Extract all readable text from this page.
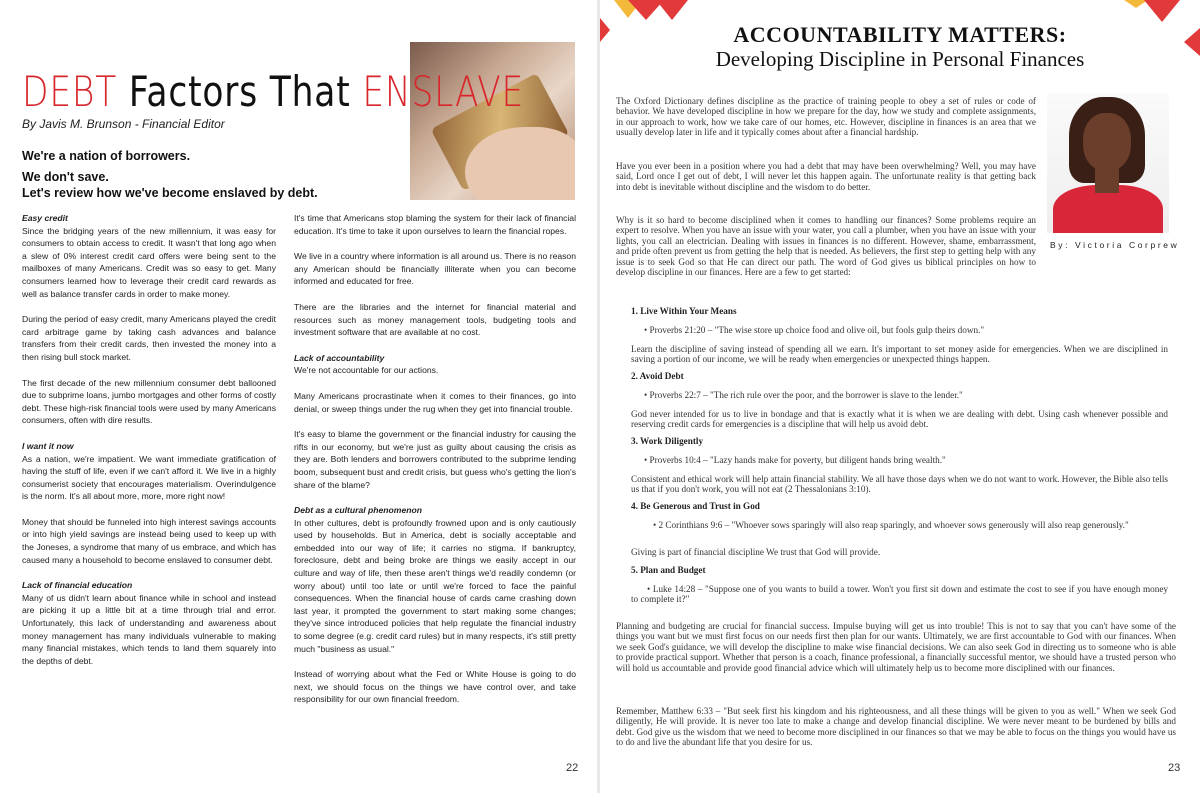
DEBT Factors That ENSLAVE
By Javis M. Brunson - Financial Editor
We're a nation of borrowers.
We don't save.
Let's review how we've become enslaved by debt.

Easy credit
Since the bridging years of the new millennium, it was easy for consumers to obtain access to credit. It wasn't that long ago when a slew of 0% interest credit card offers were being sent to the mailboxes of many Americans. Credit was so easy to get. Many consumers learned how to leverage their credit card rewards as well as balance transfer cards in order to make money.

During the period of easy credit, many Americans played the credit card arbitrage game by taking cash advances and balance transfers from their credit cards, then invested the money into a then rising bull stock market.

The first decade of the new millennium consumer debt ballooned due to subprime loans, jumbo mortgages and other forms of costly debt. These high-risk financial tools were used by many Americans consumers, often with dire results.

I want it now
As a nation, we're impatient. We want immediate gratification of having the stuff of life, even if we can't afford it. We live in a highly consumerist society that encourages materialism. Overindulgence is the norm. It's all about more, more, more right now!

Money that should be funneled into high interest savings accounts or into high yield savings are instead being used to keep up with the Joneses, a syndrome that many of us embrace, and which has caused many a household to become enslaved to consumer debt.

Lack of financial education
Many of us didn't learn about finance while in school and instead are picking it up a little bit at a time through trial and error. Unfortunately, this lack of understanding and awareness about money management has many individuals vulnerable to making many financial mistakes, which tends to land them squarely into the depths of debt.

It's time that Americans stop blaming the system for their lack of financial education. It's time to take it upon ourselves to learn the financial ropes.

We live in a country where information is all around us. There is no reason any American should be financially illiterate when you can become informed and educated for free.

There are the libraries and the internet for financial material and resources such as money management tools, budgeting tools and investment software that are available at no cost.

Lack of accountability
We're not accountable for our actions.

Many Americans procrastinate when it comes to their finances, go into denial, or sweep things under the rug when they get into financial trouble.

It's easy to blame the government or the financial industry for causing the rifts in our economy, but we're just as guilty about causing the crisis as they are. Both lenders and borrowers contributed to the subprime lending boom, subsequent bust and credit crisis, but guess who's getting the lion's share of the blame?

Debt as a cultural phenomenon
In other cultures, debt is profoundly frowned upon and is only cautiously used by households. But in America, debt is socially acceptable and embedded into our way of life; it carries no stigma. If bankruptcy, foreclosure, debt and being broke are things we easily accept in our culture and way of life, then these aren't things we'd readily condemn (or worry about) until too late or until we're forced to face the painful consequences. When the financial house of cards came crashing down last year, it prompted the government to start making some changes; they've since introduced policies that help regulate the financial industry to some degree (e.g. credit card rules) but in many respects, it's still pretty much "business as usual."

Instead of worrying about what the Fed or White House is going to do next, we should focus on the things we have control over, and take responsibility for our own financial freedom.

22
ACCOUNTABILITY MATTERS:
Developing Discipline in Personal Finances
By: Victoria Corprew

The Oxford Dictionary defines discipline as the practice of training people to obey a set of rules or code of behavior. We have developed discipline in how we prepare for the day, how we study and complete assignments, in our approach to work, how we take care of our homes, etc. However, discipline in finances is an area that we usually develop later in life and it typically comes about after a financial hardship.

Have you ever been in a position where you had a debt that may have been overwhelming? Well, you may have said, Lord once I get out of debt, I will never let this happen again. The unfortunate reality is that getting back into debt is inevitable without discipline and the wisdom to do better.

Why is it so hard to become disciplined when it comes to handling our finances? Some problems require an expert to resolve. When you have an issue with your water, you call a plumber, when you have an issue with your lights, you call an electrician. Dealing with issues in finances is no different. However, shame, embarrassment, and pride often prevent us from getting the help that is needed. As believers, the first step to getting help with any issue is to seek God so that He can direct our path. The word of God gives us biblical principles on how to develop discipline in our finances. Here are a few to get started:

1. Live Within Your Means

• Proverbs 21:20 – "The wise store up choice food and olive oil, but fools gulp theirs down."

Learn the discipline of saving instead of spending all we earn. It's important to set money aside for emergencies. When we are disciplined in saving a portion of our income, we will be ready when emergencies or unexpected things happen.

2. Avoid Debt

• Proverbs 22:7 – "The rich rule over the poor, and the borrower is slave to the lender."

God never intended for us to live in bondage and that is exactly what it is when we are dealing with debt. Using cash whenever possible and reserving credit cards for emergencies is a discipline that will help us avoid debt.

3. Work Diligently

• Proverbs 10:4 – "Lazy hands make for poverty, but diligent hands bring wealth."

Consistent and ethical work will help attain financial stability. We all have those days when we do not want to work. However, the Bible also tells us that if you don't work, you will not eat (2 Thessalonians 3:10).

4. Be Generous and Trust in God

• 2 Corinthians 9:6 – "Whoever sows sparingly will also reap sparingly, and whoever sows generously will also reap generously."

Giving is part of financial discipline We trust that God will provide.

5. Plan and Budget

• Luke 14:28 – "Suppose one of you wants to build a tower. Won't you first sit down and estimate the cost to see if you have enough money to complete it?"

Planning and budgeting are crucial for financial success. Impulse buying will get us into trouble! This is not to say that you can't have some of the things you want but we must first focus on our needs first then plan for our wants. Ultimately, we are first accountable to God with our finances. When we seek God's guidance, we will develop the discipline to make wise financial decisions. We can also seek God in directing us to someone who is able to provide practical support. Whether that person is a coach, finance professional, a financially successful mentor, we should have a trusted person who will hold us accountable and provide good financial advice which will ultimately help us to become more disciplined with our finances.

Remember, Matthew 6:33 – "But seek first his kingdom and his righteousness, and all these things will be given to you as well." When we seek God diligently, He will provide. It is never too late to make a change and develop financial discipline. We were never meant to be burdened by bills and debt. God give us the wisdom that we need to become more disciplined in our finances so that we may be able to focus on the things you would have us to do and live the abundant life that you desire for us.

23
